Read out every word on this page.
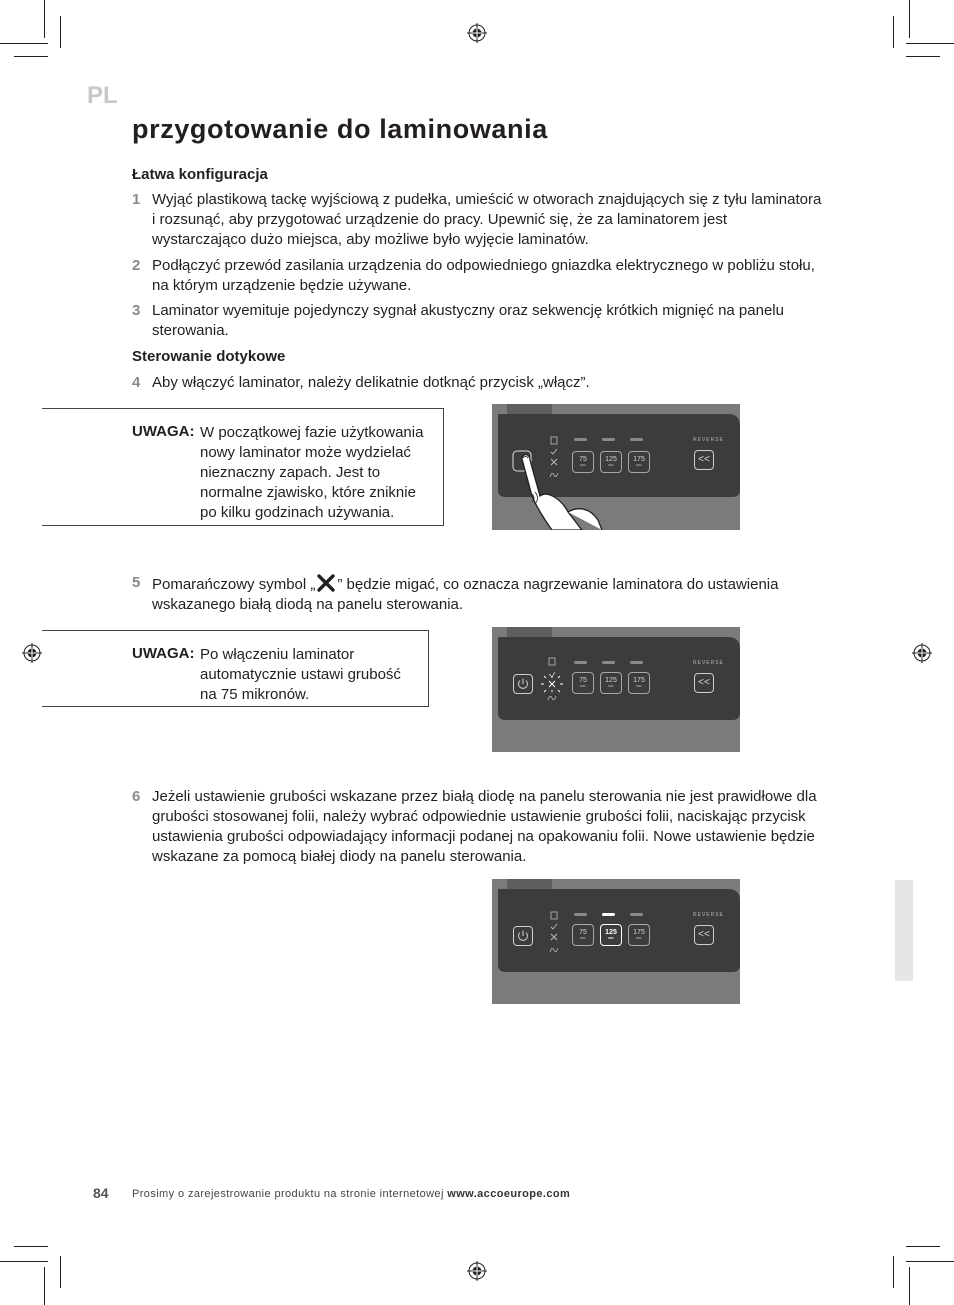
PL
przygotowanie do laminowania
Łatwa konfiguracja
1 Wyjąć plastikową tackę wyjściową z pudełka, umieścić w otworach znajdujących się z tyłu laminatora i rozsunąć, aby przygotować urządzenie do pracy. Upewnić się, że za laminatorem jest wystarczająco dużo miejsca, aby możliwe było wyjęcie laminatów.
2 Podłączyć przewód zasilania urządzenia do odpowiedniego gniazdka elektrycznego w pobliżu stołu, na którym urządzenie będzie używane.
3 Laminator wyemituje pojedynczy sygnał akustyczny oraz sekwencję krótkich mignięć na panelu sterowania.
Sterowanie dotykowe
4 Aby włączyć laminator, należy delikatnie dotknąć przycisk „włącz”.
UWAGA: W początkowej fazie użytkowania
nowy laminator może wydzielać
nieznaczny zapach. Jest to
normalne zjawisko, które zniknie
po kilku godzinach używania.
REVERSE
<<
75
MIC
125
MIC
175
MIC
5 Pomarańczowy symbol „ ” będzie migać, co oznacza nagrzewanie laminatora do ustawienia wskazanego białą diodą na panelu sterowania.
UWAGA: Po włączeniu laminator
automatycznie ustawi grubość
na 75 mikronów.
REVERSE
<<
75
MIC
125
MIC
175
MIC
6 Jeżeli ustawienie grubości wskazane przez białą diodę na panelu sterowania nie jest prawidłowe dla grubości stosowanej folii, należy wybrać odpowiednie ustawienie grubości folii, naciskając przycisk ustawienia grubości odpowiadający informacji podanej na opakowaniu folii. Nowe ustawienie będzie wskazane za pomocą białej diody na panelu sterowania.
REVERSE
<<
75
MIC
125
MIC
175
MIC
84 Prosimy o zarejestrowanie produktu na stronie internetowej www.accoeurope.com
